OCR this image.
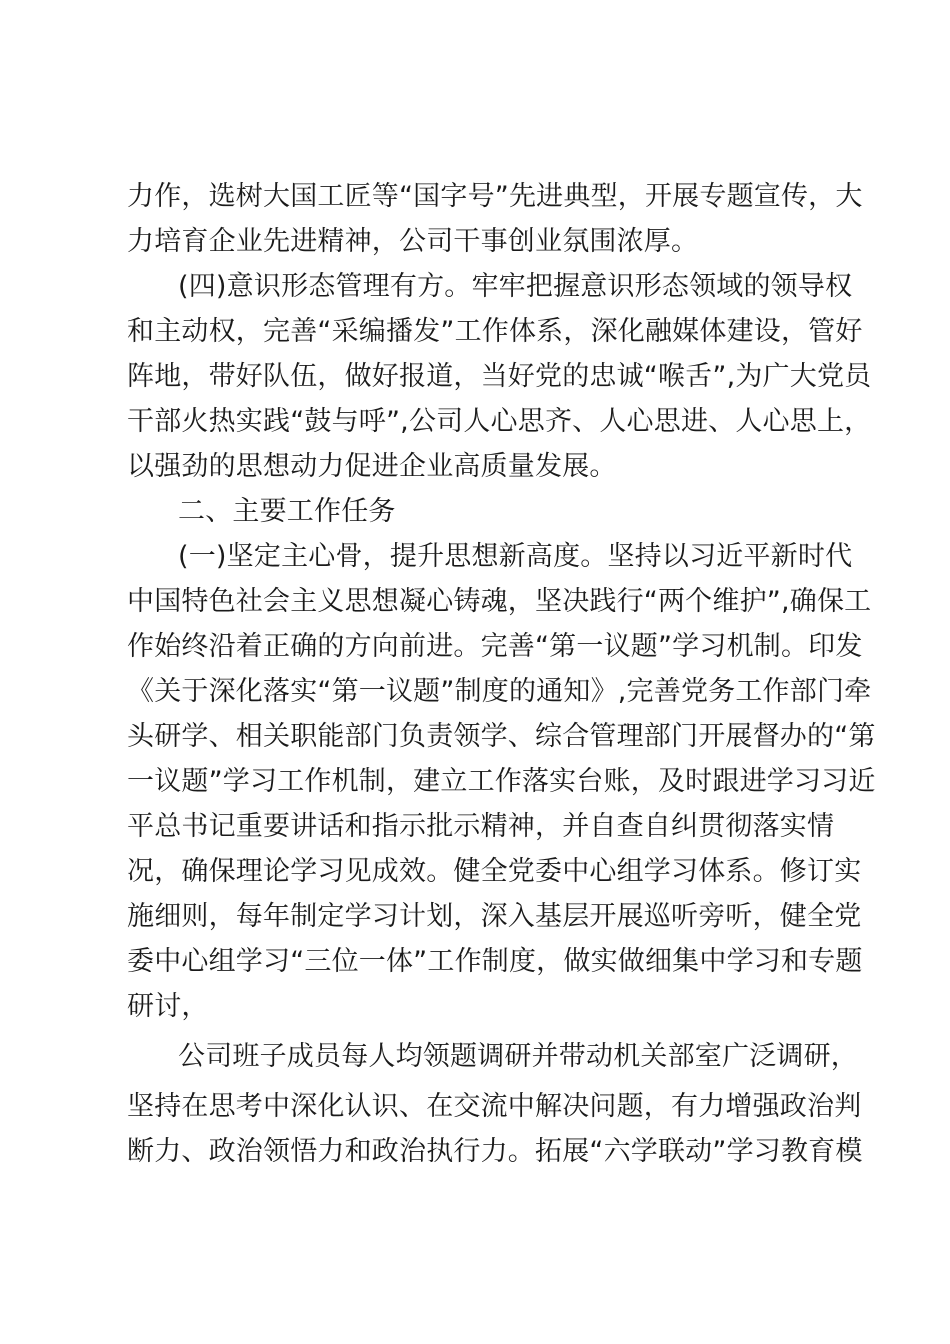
力作，选树大国工匠等“国字号”先进典型，开展专题宣传，大
力培育企业先进精神，公司干事创业氛围浓厚。
(四)意识形态管理有方。牢牢把握意识形态领域的领导权
和主动权，完善“采编播发”工作体系，深化融媒体建设，管好
阵地，带好队伍，做好报道，当好党的忠诚“喉舌”,为广大党员
干部火热实践“鼓与呼”,公司人心思齐、人心思进、人心思上，
以强劲的思想动力促进企业高质量发展。
二、主要工作任务
(一)坚定主心骨，提升思想新高度。坚持以习近平新时代
中国特色社会主义思想凝心铸魂，坚决践行“两个维护”,确保工
作始终沿着正确的方向前进。完善“第一议题”学习机制。印发
《关于深化落实“第一议题”制度的通知》,完善党务工作部门牵
头研学、相关职能部门负责领学、综合管理部门开展督办的“第
一议题”学习工作机制，建立工作落实台账，及时跟进学习习近
平总书记重要讲话和指示批示精神，并自查自纠贯彻落实情
况，确保理论学习见成效。健全党委中心组学习体系。修订实
施细则，每年制定学习计划，深入基层开展巡听旁听，健全党
委中心组学习“三位一体”工作制度，做实做细集中学习和专题
研讨，
公司班子成员每人均领题调研并带动机关部室广泛调研，
坚持在思考中深化认识、在交流中解决问题，有力增强政治判
断力、政治领悟力和政治执行力。拓展“六学联动”学习教育模
